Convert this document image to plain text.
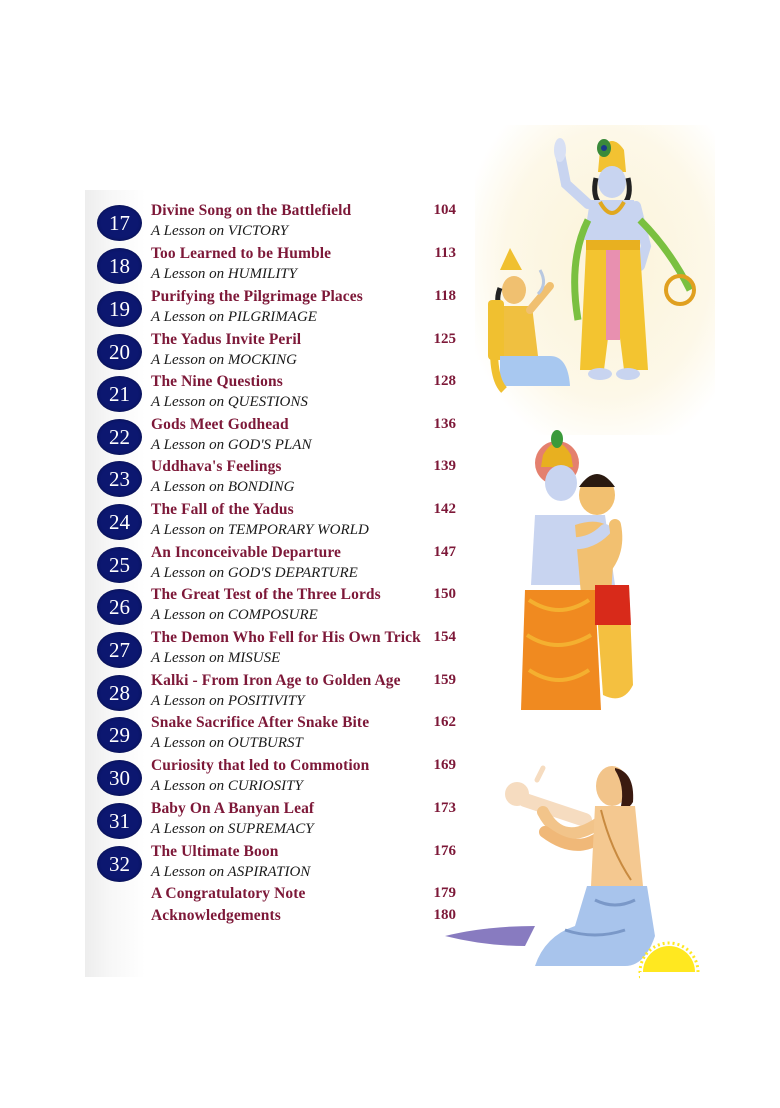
17
Divine Song on the Battlefield
A Lesson on VICTORY
104
18
Too Learned to be Humble
A Lesson on HUMILITY
113
19
Purifying the Pilgrimage Places
A Lesson on PILGRIMAGE
118
20
The Yadus Invite Peril
A Lesson on MOCKING
125
21
The Nine Questions
A Lesson on QUESTIONS
128
22
Gods Meet Godhead
A Lesson on GOD'S PLAN
136
23
Uddhava's Feelings
A Lesson on BONDING
139
24
The Fall of the Yadus
A Lesson on TEMPORARY WORLD
142
25
An Inconceivable Departure
A Lesson on GOD'S DEPARTURE
147
26
The Great Test of the Three Lords
A Lesson on COMPOSURE
150
27
The Demon Who Fell for His Own Trick
A Lesson on MISUSE
154
28
Kalki - From Iron Age to Golden Age
A Lesson on POSITIVITY
159
29
Snake Sacrifice After Snake Bite
A Lesson on OUTBURST
162
30
Curiosity that led to Commotion
A Lesson on CURIOSITY
169
31
Baby On A Banyan Leaf
A Lesson on SUPREMACY
173
32
The Ultimate Boon
A Lesson on ASPIRATION
176
A Congratulatory Note	179
Acknowledgements	180
